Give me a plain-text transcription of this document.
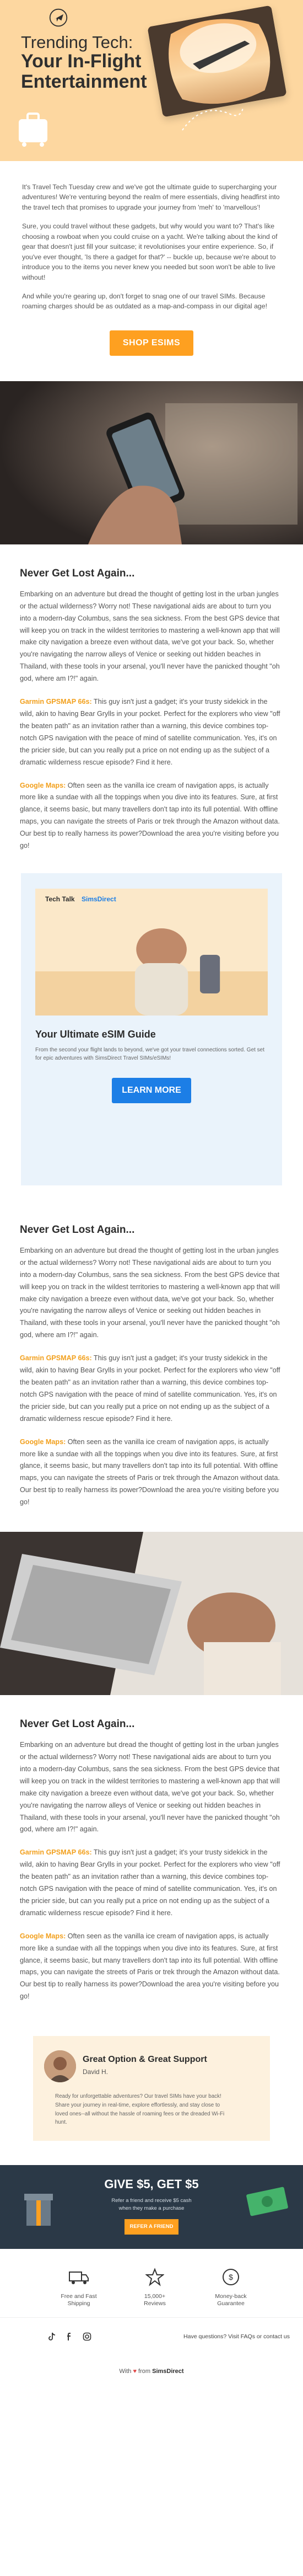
Trending Tech:
Your In-Flight Entertainment

It's Travel Tech Tuesday crew and we've got the ultimate guide to supercharging your adventures! We're venturing beyond the realm of mere essentials, diving headfirst into the travel tech that promises to upgrade your journey from 'meh' to 'marvellous'!

Sure, you could travel without these gadgets, but why would you want to? That's like choosing a rowboat when you could cruise on a yacht. We're talking about the kind of gear that doesn't just fill your suitcase; it revolutionises your entire experience. So, if you've ever thought, 'Is there a gadget for that?' -- buckle up, because we're about to introduce you to the items you never knew you needed but soon won't be able to live without!

And while you're gearing up, don't forget to snag one of our travel SIMs. Because roaming charges should be as outdated as a map-and-compass in our digital age!

SHOP ESIMS
Never Get Lost Again...

Embarking on an adventure but dread the thought of getting lost in the urban jungles or the actual wilderness? Worry not! These navigational aids are about to turn you into a modern-day Columbus, sans the sea sickness. From the best GPS device that will keep you on track in the wildest territories to mastering a well-known app that will make city navigation a breeze even without data, we've got your back. So, whether you're navigating the narrow alleys of Venice or seeking out hidden beaches in Thailand, with these tools in your arsenal, you'll never have the panicked thought "oh god, where am I?!" again.

Garmin GPSMAP 66s: This guy isn't just a gadget; it's your trusty sidekick in the wild, akin to having Bear Grylls in your pocket. Perfect for the explorers who view "off the beaten path" as an invitation rather than a warning, this device combines top-notch GPS navigation with the peace of mind of satellite communication. Yes, it's on the pricier side, but can you really put a price on not ending up as the subject of a dramatic wilderness rescue episode? Find it here.

Google Maps: Often seen as the vanilla ice cream of navigation apps, is actually more like a sundae with all the toppings when you dive into its features. Sure, at first glance, it seems basic, but many travellers don't tap into its full potential. With offline maps, you can navigate the streets of Paris or trek through the Amazon without data. Our best tip to really harness its power?Download the area you're visiting before you go!

Tech Talk SimsDirect
Your Ultimate eSIM Guide

From the second your flight lands to beyond, we've got your travel connections sorted. Get set for epic adventures with SimsDirect Travel SIMs/eSIMs!

LEARN MORE
Never Get Lost Again...

Embarking on an adventure but dread the thought of getting lost in the urban jungles or the actual wilderness? Worry not! These navigational aids are about to turn you into a modern-day Columbus, sans the sea sickness. From the best GPS device that will keep you on track in the wildest territories to mastering a well-known app that will make city navigation a breeze even without data, we've got your back. So, whether you're navigating the narrow alleys of Venice or seeking out hidden beaches in Thailand, with these tools in your arsenal, you'll never have the panicked thought "oh god, where am I?!" again.

Garmin GPSMAP 66s: This guy isn't just a gadget; it's your trusty sidekick in the wild, akin to having Bear Grylls in your pocket. Perfect for the explorers who view "off the beaten path" as an invitation rather than a warning, this device combines top-notch GPS navigation with the peace of mind of satellite communication. Yes, it's on the pricier side, but can you really put a price on not ending up as the subject of a dramatic wilderness rescue episode? Find it here.

Google Maps: Often seen as the vanilla ice cream of navigation apps, is actually more like a sundae with all the toppings when you dive into its features. Sure, at first glance, it seems basic, but many travellers don't tap into its full potential. With offline maps, you can navigate the streets of Paris or trek through the Amazon without data. Our best tip to really harness its power?Download the area you're visiting before you go!

Never Get Lost Again...

Embarking on an adventure but dread the thought of getting lost in the urban jungles or the actual wilderness? Worry not! These navigational aids are about to turn you into a modern-day Columbus, sans the sea sickness. From the best GPS device that will keep you on track in the wildest territories to mastering a well-known app that will make city navigation a breeze even without data, we've got your back. So, whether you're navigating the narrow alleys of Venice or seeking out hidden beaches in Thailand, with these tools in your arsenal, you'll never have the panicked thought "oh god, where am I?!" again.

Garmin GPSMAP 66s: This guy isn't just a gadget; it's your trusty sidekick in the wild, akin to having Bear Grylls in your pocket. Perfect for the explorers who view "off the beaten path" as an invitation rather than a warning, this device combines top-notch GPS navigation with the peace of mind of satellite communication. Yes, it's on the pricier side, but can you really put a price on not ending up as the subject of a dramatic wilderness rescue episode? Find it here.

Google Maps: Often seen as the vanilla ice cream of navigation apps, is actually more like a sundae with all the toppings when you dive into its features. Sure, at first glance, it seems basic, but many travellers don't tap into its full potential. With offline maps, you can navigate the streets of Paris or trek through the Amazon without data. Our best tip to really harness its power?Download the area you're visiting before you go!

Great Option & Great Support
David H.

Ready for unforgettable adventures? Our travel SIMs have your back! Share your journey in real-time, explore effortlessly, and stay close to loved ones--all without the hassle of roaming fees or the dreaded Wi-Fi hunt.

GIVE $5, GET $5
Refer a friend and receive $5 cash
when they make a purchase
REFER A FRIEND
Free and Fast
Shipping
15,000+
Reviews
$
Money-back
Guarantee
Have questions? Visit FAQs or contact us
With ♥ from SimsDirect
